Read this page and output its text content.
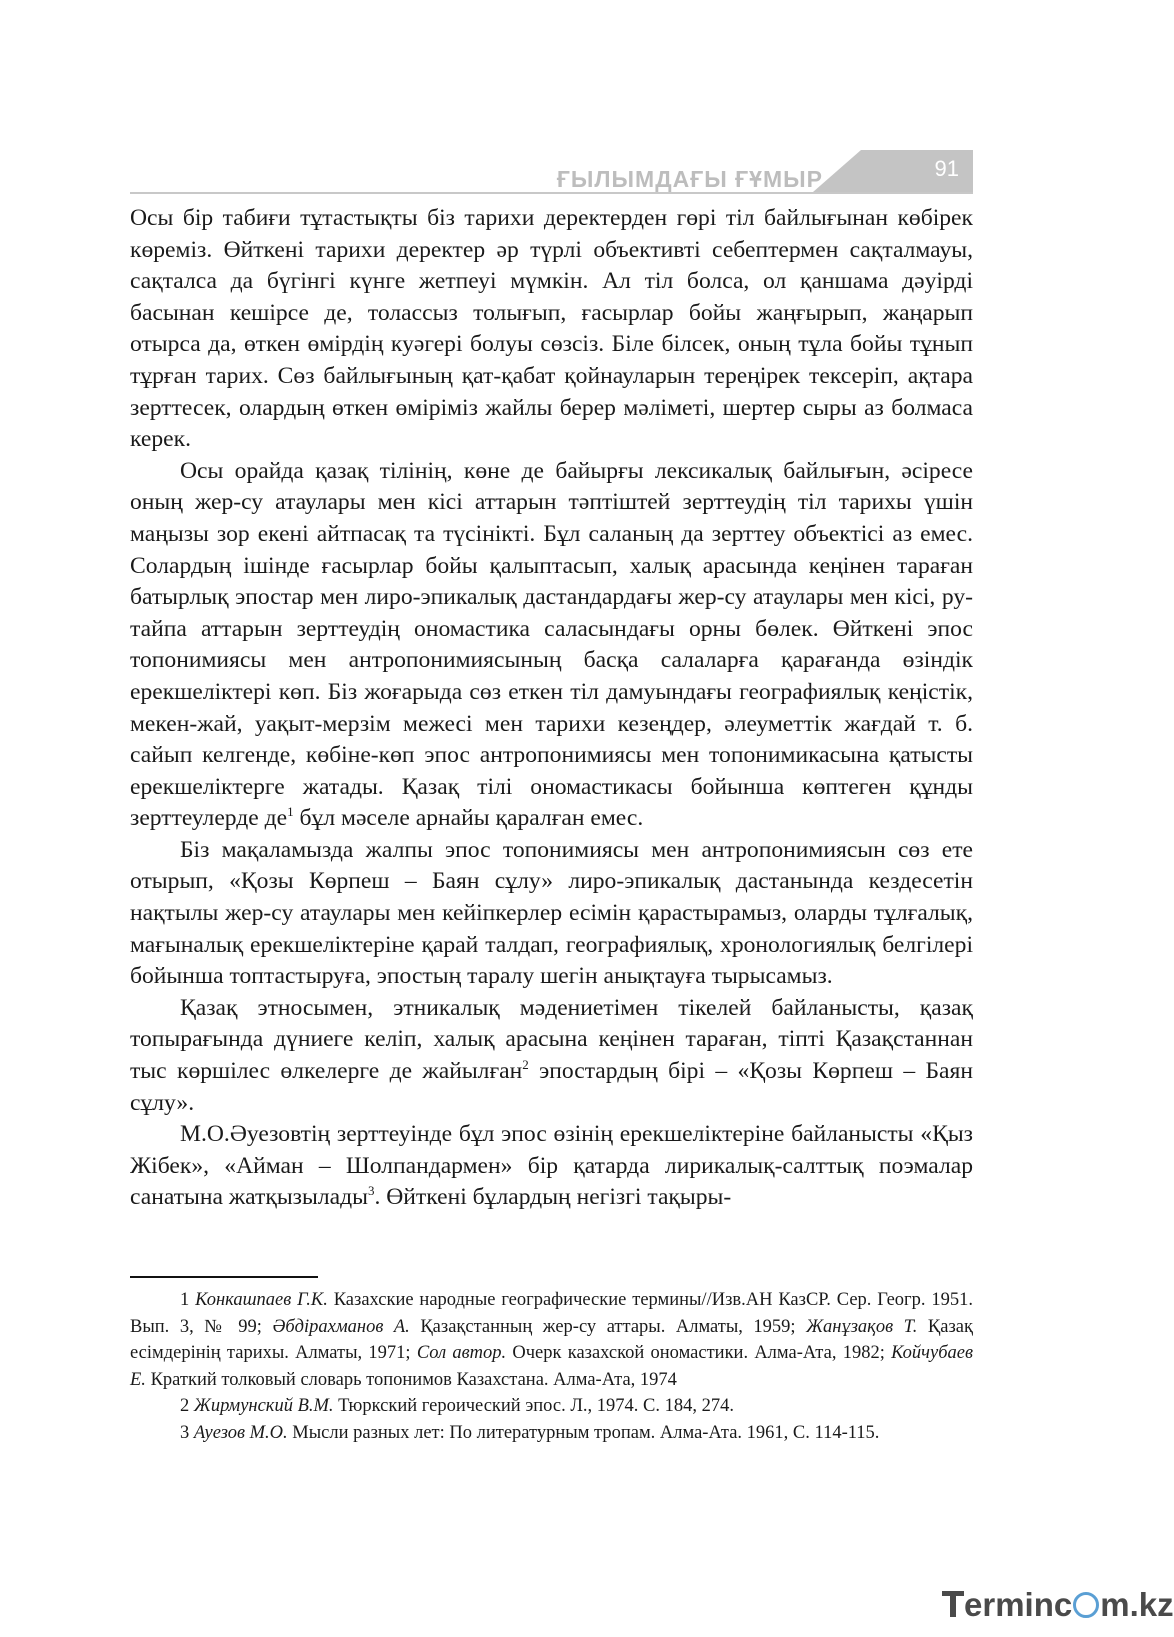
ҒЫЛЫМДАҒЫ ҒҰМЫР	91

Осы бір табиғи тұтастықты біз тарихи деректерден гөрі тіл байлығынан көбірек көреміз. Өйткені тарихи деректер әр түрлі объективті себептермен сақталмауы, сақталса да бүгінгі күнге жетпеуі мүмкін. Ал тіл болса, ол қаншама дәуірді басынан кешірсе де, толассыз толығып, ғасырлар бойы жаңғырып, жаңарып отырса да, өткен өмірдің куәгері болуы сөзсіз. Біле білсек, оның тұла бойы тұнып тұрған тарих. Сөз байлығының қат-қабат қойнауларын тереңірек тексеріп, ақтара зерттесек, олардың өткен өміріміз жайлы берер мәліметі, шертер сыры аз болмаса керек.

Осы орайда қазақ тілінің, көне де байырғы лексикалық байлығын, әсіресе оның жер-су атаулары мен кісі аттарын тәптіштей зерттеудің тіл тарихы үшін маңызы зор екені айтпасақ та түсінікті. Бұл саланың да зерттеу объектісі аз емес. Солардың ішінде ғасырлар бойы қалыптасып, халық арасында кеңінен тараған батырлық эпостар мен лиро-эпикалық дастандардағы жер-су атаулары мен кісі, ру-тайпа аттарын зерттеудің ономастика саласындағы орны бөлек. Өйткені эпос топонимиясы мен антропонимиясының басқа салаларға қарағанда өзіндік ерекшеліктері көп. Біз жоғарыда сөз еткен тіл дамуындағы географиялық кеңістік, мекен-жай, уақыт-мерзім межесі мен тарихи кезеңдер, әлеуметтік жағдай т. б. сайып келгенде, көбіне-көп эпос антропонимиясы мен топонимикасына қатысты ерекшеліктерге жатады. Қазақ тілі ономастикасы бойынша көптеген құнды зерттеулерде $де^1$ бұл мәселе арнайы қаралған емес.

Біз мақаламызда жалпы эпос топонимиясы мен антропонимиясын сөз ете отырып, «Қозы Көрпеш – Баян сұлу» лиро-эпикалық дастанында кездесетін нақтылы жер-су атаулары мен кейіпкерлер есімін қарастырамыз, оларды тұлғалық, мағыналық ерекшеліктеріне қарай талдап, географиялық, хронологиялық белгілері бойынша топтастыруға, эпостың таралу шегін анықтауға тырысамыз.

Қазақ этносымен, этникалық мәдениетімен тікелей байланысты, қазақ топырағында дүниеге келіп, халық арасына кеңінен тараған, тіпті Қазақстаннан тыс көршілес өлкелерге де жайылған$^2$ эпостардың бірі – «Қозы Көрпеш – Баян сұлу».

М.О.Әуезовтің зерттеуінде бұл эпос өзінің ерекшеліктеріне байланысты «Қыз Жібек», «Айман – Шолпандармен» бір қатарда лирикалық-салттық поэмалар санатына жатқызылады$^3$. Өйткені бұлардың негізгі тақыры-

1 Конкашпаев Г.К. Казахские народные географические термины//Изв.АН КазСР. Сер. Геогр. 1951. Вып. 3, № 99; Әбдірахманов А. Қазақстанның жер-су аттары. Алматы, 1959; Жанұзақов Т. Қазақ есімдерінің тарихы. Алматы, 1971; Сол автор. Очерк казахской ономастики. Алма-Ата, 1982; Койчубаев Е. Краткий толковый словарь топонимов Казахстана. Алма-Ата, 1974

2 Жирмунский В.М. Тюркский героический эпос. Л., 1974. С. 184, 274.

3 Ауезов М.О. Мысли разных лет: По литературным тропам. Алма-Ата. 1961, С. 114-115.

erminc m.kz
